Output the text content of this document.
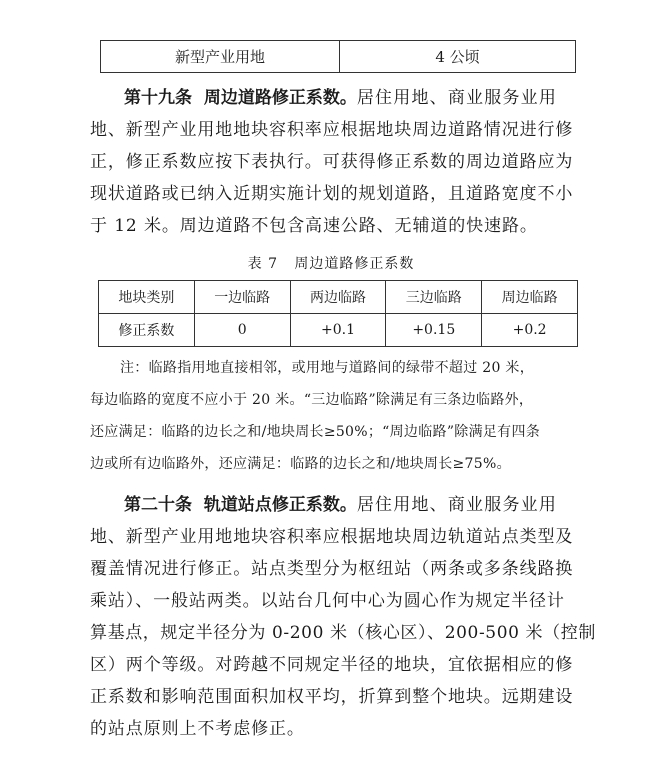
新型产业用地	4 公顷
第十九条  周边道路修正系数。 居住用地、商业服务业用
地、新型产业用地地块容积率应根据地块周边道路情况进行修
正，修正系数应按下表执行。可获得修正系数的周边道路应为
现状道路或已纳入近期实施计划的规划道路，且道路宽度不小
于 12 米。周边道路不包含高速公路、无辅道的快速路。
表 7   周边道路修正系数
地块类别	一边临路	两边临路	三边临路	周边临路
修正系数	0	+0.1	+0.15	+0.2
注：临路指用地直接相邻，或用地与道路间的绿带不超过 20 米，
每边临路的宽度不应小于 20 米。“三边临路”除满足有三条边临路外，
还应满足：临路的边长之和/地块周长≥50%；“周边临路”除满足有四条
边或所有边临路外，还应满足：临路的边长之和/地块周长≥75%。
第二十条  轨道站点修正系数。 居住用地、商业服务业用
地、新型产业用地地块容积率应根据地块周边轨道站点类型及
覆盖情况进行修正。站点类型分为枢纽站（两条或多条线路换
乘站）、一般站两类。以站台几何中心为圆心作为规定半径计
算基点，规定半径分为 0-200 米（核心区）、200-500 米（控制
区）两个等级。对跨越不同规定半径的地块，宜依据相应的修
正系数和影响范围面积加权平均，折算到整个地块。远期建设
的站点原则上不考虑修正。
